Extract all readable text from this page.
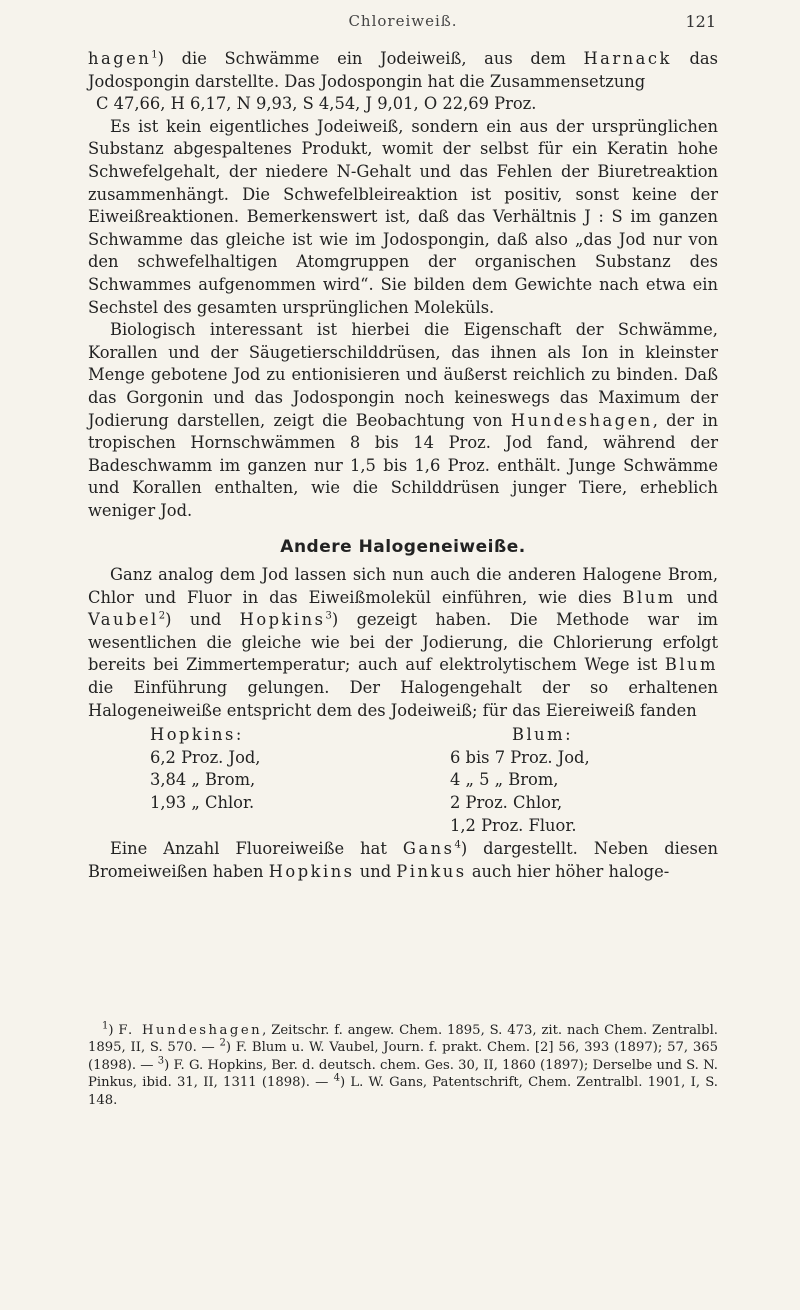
Chloreiweiß.	121

hagen$^1$) die Schwämme ein Jodeiweiß, aus dem Harnack das Jodospongin darstellte. Das Jodospongin hat die Zusammensetzung

C 47,66, H 6,17, N 9,93, S 4,54, J 9,01, O 22,69 Proz.

Es ist kein eigentliches Jodeiweiß, sondern ein aus der ursprünglichen Substanz abgespaltenes Produkt, womit der selbst für ein Keratin hohe Schwefelgehalt, der niedere N-Gehalt und das Fehlen der Biuretreaktion zusammenhängt. Die Schwefelbleireaktion ist positiv, sonst keine der Eiweißreaktionen. Bemerkenswert ist, daß das Verhältnis J : S im ganzen Schwamme das gleiche ist wie im Jodospongin, daß also „das Jod nur von den schwefelhaltigen Atomgruppen der organischen Substanz des Schwammes aufgenommen wird“. Sie bilden dem Gewichte nach etwa ein Sechstel des gesamten ursprünglichen Moleküls.

Biologisch interessant ist hierbei die Eigenschaft der Schwämme, Korallen und der Säugetierschilddrüsen, das ihnen als Ion in kleinster Menge gebotene Jod zu entionisieren und äußerst reichlich zu binden. Daß das Gorgonin und das Jodospongin noch keineswegs das Maximum der Jodierung darstellen, zeigt die Beobachtung von Hundeshagen, der in tropischen Hornschwämmen 8 bis 14 Proz. Jod fand, während der Badeschwamm im ganzen nur 1,5 bis 1,6 Proz. enthält. Junge Schwämme und Korallen enthalten, wie die Schilddrüsen junger Tiere, erheblich weniger Jod.

Andere Halogeneiweiße.

Ganz analog dem Jod lassen sich nun auch die anderen Halogene Brom, Chlor und Fluor in das Eiweißmolekül einführen, wie dies Blum und Vaubel$^2$) und Hopkins$^3$) gezeigt haben. Die Methode war im wesentlichen die gleiche wie bei der Jodierung, die Chlorierung erfolgt bereits bei Zimmertemperatur; auch auf elektrolytischem Wege ist Blum die Einführung gelungen. Der Halogengehalt der so erhaltenen Halogeneiweiße entspricht dem des Jodeiweiß; für das Eiereiweiß fanden

Hopkins:

6,2 Proz. Jod,

3,84 „ Brom,

1,93 „ Chlor.

Blum:

6 bis 7 Proz. Jod,

4 „ 5 „ Brom,

2 Proz. Chlor,

1,2 Proz. Fluor.

Eine Anzahl Fluoreiweiße hat Gans$^4$) dargestellt. Neben diesen Bromeiweißen haben Hopkins und Pinkus auch hier höher haloge-

$^1$) F. Hundeshagen, Zeitschr. f. angew. Chem. 1895, S. 473, zit. nach Chem. Zentralbl. 1895, II, S. 570. — $^2$) F. Blum u. W. Vaubel, Journ. f. prakt. Chem. [2] 56, 393 (1897); 57, 365 (1898). — $^3$) F. G. Hopkins, Ber. d. deutsch. chem. Ges. 30, II, 1860 (1897); Derselbe und S. N. Pinkus, ibid. 31, II, 1311 (1898). — $^4$) L. W. Gans, Patentschrift, Chem. Zentralbl. 1901, I, S. 148.
